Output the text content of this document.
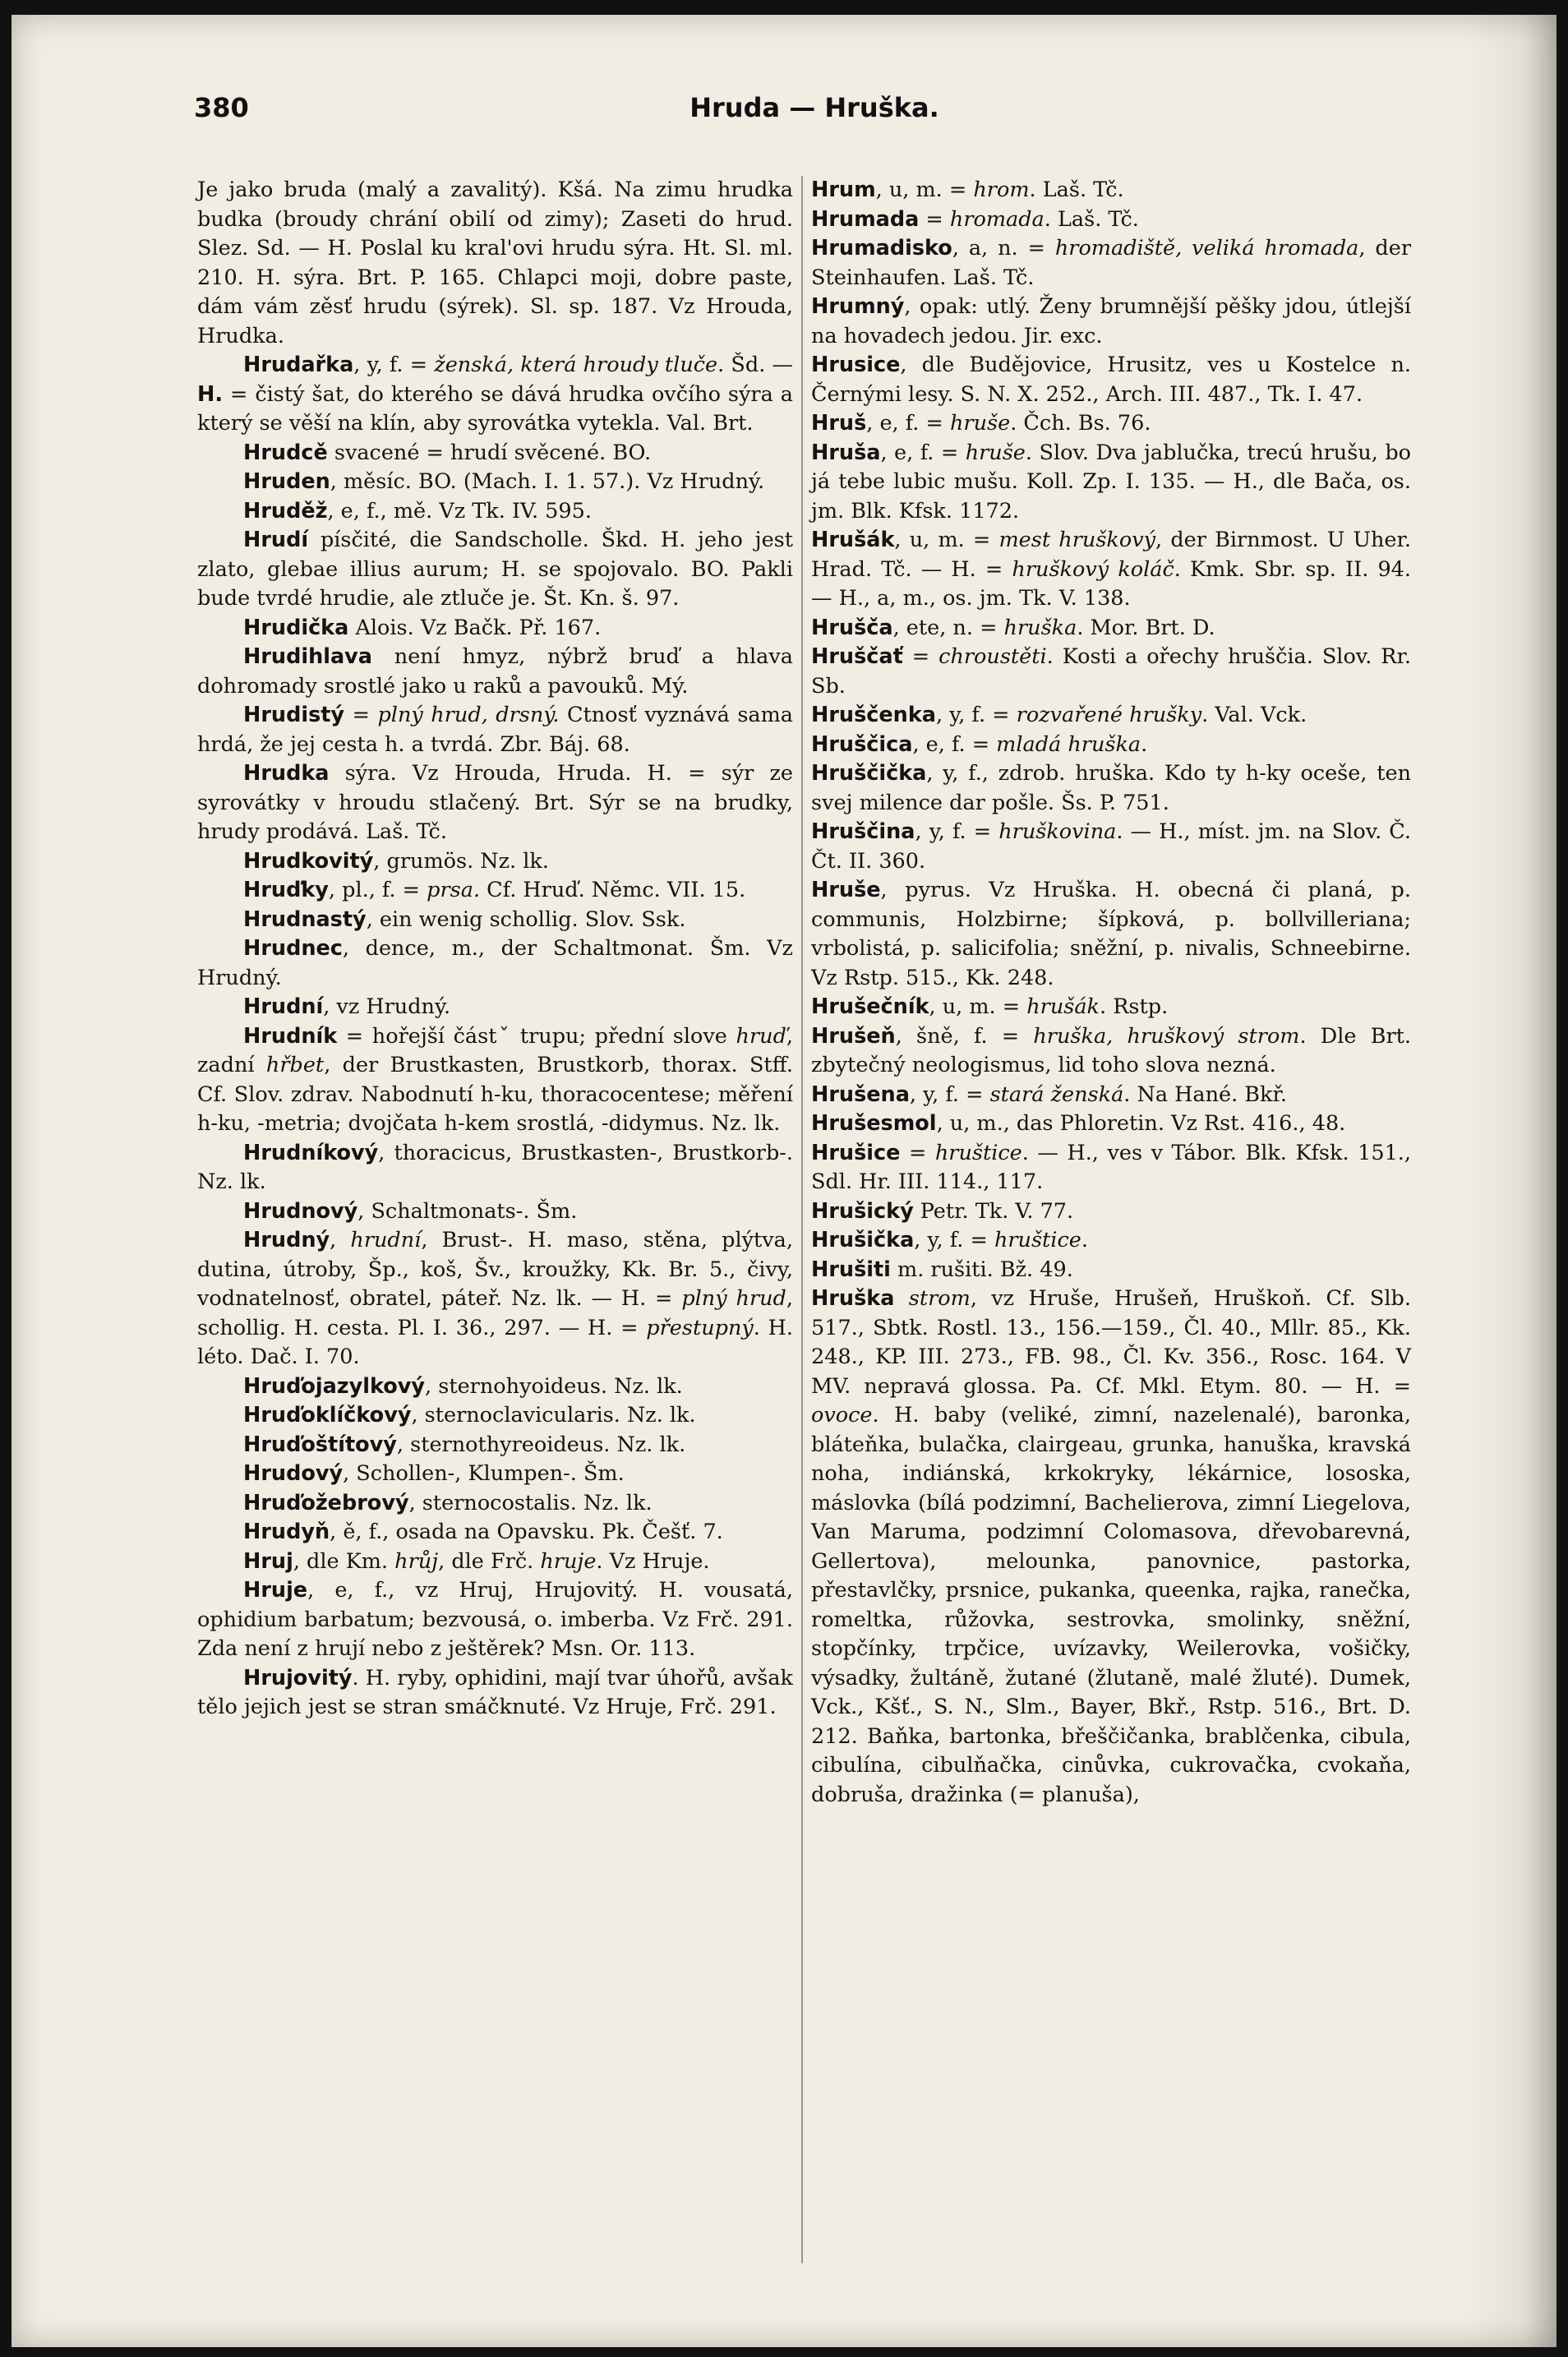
380	Hruda — Hruška.

Je jako bruda (malý a zavalitý). Kšá. Na zimu hrudka budka (broudy chrání obilí od zimy); Zaseti do hrud. Slez. Sd. — H. Poslal ku kral'ovi hrudu sýra. Ht. Sl. ml. 210. H. sýra. Brt. P. 165. Chlapci moji, dobre paste, dám vám zěsť hrudu (sýrek). Sl. sp. 187. Vz Hrouda, Hrudka.

Hrudařka, y, f. = ženská, která hroudy tluče. Šd. — H. = čistý šat, do kterého se dává hrudka ovčího sýra a který se věší na klín, aby syrovátka vytekla. Val. Brt.

Hrudcě svacené = hrudí svěcené. BO.

Hruden, měsíc. BO. (Mach. I. 1. 57.). Vz Hrudný.

Hruděž, e, f., mě. Vz Tk. IV. 595.

Hrudí písčité, die Sandscholle. Škd. H. jeho jest zlato, glebae illius aurum; H. se spojovalo. BO. Pakli bude tvrdé hrudie, ale ztluče je. Št. Kn. š. 97.

Hrudička Alois. Vz Bačk. Př. 167.

Hrudihlava není hmyz, nýbrž bruď a hlava dohromady srostlé jako u raků a pavouků. Mý.

Hrudistý = plný hrud, drsný. Ctnosť vyznává sama hrdá, že jej cesta h. a tvrdá. Zbr. Báj. 68.

Hrudka sýra. Vz Hrouda, Hruda. H. = sýr ze syrovátky v hroudu stlačený. Brt. Sýr se na brudky, hrudy prodává. Laš. Tč.

Hrudkovitý, grumös. Nz. lk.

Hruďky, pl., f. = prsa. Cf. Hruď. Němc. VII. 15.

Hrudnastý, ein wenig schollig. Slov. Ssk.

Hrudnec, dence, m., der Schaltmonat. Šm. Vz Hrudný.

Hrudní, vz Hrudný.

Hrudník = hořejší částˇ trupu; přední slove hruď, zadní hřbet, der Brustkasten, Brustkorb, thorax. Stff. Cf. Slov. zdrav. Nabodnutí h-ku, thoracocentese; měření h-ku, -metria; dvojčata h-kem srostlá, -didymus. Nz. lk.

Hrudníkový, thoracicus, Brustkasten-, Brustkorb-. Nz. lk.

Hrudnový, Schaltmonats-. Šm.

Hrudný, hrudní, Brust-. H. maso, stěna, plýtva, dutina, útroby, Šp., koš, Šv., kroužky, Kk. Br. 5., čivy, vodnatelnosť, obratel, páteř. Nz. lk. — H. = plný hrud, schollig. H. cesta. Pl. I. 36., 297. — H. = přestupný. H. léto. Dač. I. 70.

Hruďojazylkový, sternohyoideus. Nz. lk.

Hruďoklíčkový, sternoclavicularis. Nz. lk.

Hruďoštítový, sternothyreoideus. Nz. lk.

Hrudový, Schollen-, Klumpen-. Šm.

Hruďožebrový, sternocostalis. Nz. lk.

Hrudyň, ě, f., osada na Opavsku. Pk. Češť. 7.

Hruj, dle Km. hrůj, dle Frč. hruje. Vz Hruje.

Hruje, e, f., vz Hruj, Hrujovitý. H. vousatá, ophidium barbatum; bezvousá, o. imberba. Vz Frč. 291. Zda není z hrují nebo z ještěrek? Msn. Or. 113.

Hrujovitý. H. ryby, ophidini, mají tvar úhořů, avšak tělo jejich jest se stran smáčknuté. Vz Hruje, Frč. 291.

Hrum, u, m. = hrom. Laš. Tč.

Hrumada = hromada. Laš. Tč.

Hrumadisko, a, n. = hromadiště, veliká hromada, der Steinhaufen. Laš. Tč.

Hrumný, opak: utlý. Ženy brumnější pěšky jdou, útlejší na hovadech jedou. Jir. exc.

Hrusice, dle Budějovice, Hrusitz, ves u Kostelce n. Černými lesy. S. N. X. 252., Arch. III. 487., Tk. I. 47.

Hruš, e, f. = hruše. Čch. Bs. 76.

Hruša, e, f. = hruše. Slov. Dva jablučka, trecú hrušu, bo já tebe lubic mušu. Koll. Zp. I. 135. — H., dle Bača, os. jm. Blk. Kfsk. 1172.

Hrušák, u, m. = mest hruškový, der Birnmost. U Uher. Hrad. Tč. — H. = hruškový koláč. Kmk. Sbr. sp. II. 94. — H., a, m., os. jm. Tk. V. 138.

Hrušča, ete, n. = hruška. Mor. Brt. D.

Hruščať = chroustěti. Kosti a ořechy hruščia. Slov. Rr. Sb.

Hruščenka, y, f. = rozvařené hrušky. Val. Vck.

Hruščica, e, f. = mladá hruška.

Hruščička, y, f., zdrob. hruška. Kdo ty h-ky oceše, ten svej milence dar pošle. Šs. P. 751.

Hruščina, y, f. = hruškovina. — H., míst. jm. na Slov. Č. Čt. II. 360.

Hruše, pyrus. Vz Hruška. H. obecná či planá, p. communis, Holzbirne; šípková, p. bollvilleriana; vrbolistá, p. salicifolia; sněžní, p. nivalis, Schneebirne. Vz Rstp. 515., Kk. 248.

Hrušečník, u, m. = hrušák. Rstp.

Hrušeň, šně, f. = hruška, hruškový strom. Dle Brt. zbytečný neologismus, lid toho slova nezná.

Hrušena, y, f. = stará ženská. Na Hané. Bkř.

Hrušesmol, u, m., das Phloretin. Vz Rst. 416., 48.

Hrušice = hruštice. — H., ves v Tábor. Blk. Kfsk. 151., Sdl. Hr. III. 114., 117.

Hrušický Petr. Tk. V. 77.

Hrušička, y, f. = hruštice.

Hrušiti m. rušiti. Bž. 49.

Hruška strom, vz Hruše, Hrušeň, Hruškoň. Cf. Slb. 517., Sbtk. Rostl. 13., 156.—159., Čl. 40., Mllr. 85., Kk. 248., KP. III. 273., FB. 98., Čl. Kv. 356., Rosc. 164. V MV. nepravá glossa. Pa. Cf. Mkl. Etym. 80. — H. = ovoce. H. baby (veliké, zimní, nazelenalé), baronka, bláteňka, bulačka, clairgeau, grunka, hanuška, kravská noha, indiánská, krkokryky, lékárnice, lososka, máslovka (bílá podzimní, Bachelierova, zimní Liegelova, Van Maruma, podzimní Colomasova, dřevobarevná, Gellertova), melounka, panovnice, pastorka, přestavlčky, prsnice, pukanka, queenka, rajka, ranečka, romeltka, růžovka, sestrovka, smolinky, sněžní, stopčínky, trpčice, uvízavky, Weilerovka, vošičky, výsadky, žultáně, žutané (žlutaně, malé žluté). Dumek, Vck., Kšť., S. N., Slm., Bayer, Bkř., Rstp. 516., Brt. D. 212. Baňka, bartonka, břeščičanka, brablčenka, cibula, cibulína, cibulňačka, cinůvka, cukrovačka, cvokaňa, dobruša, dražinka (= planuša),
